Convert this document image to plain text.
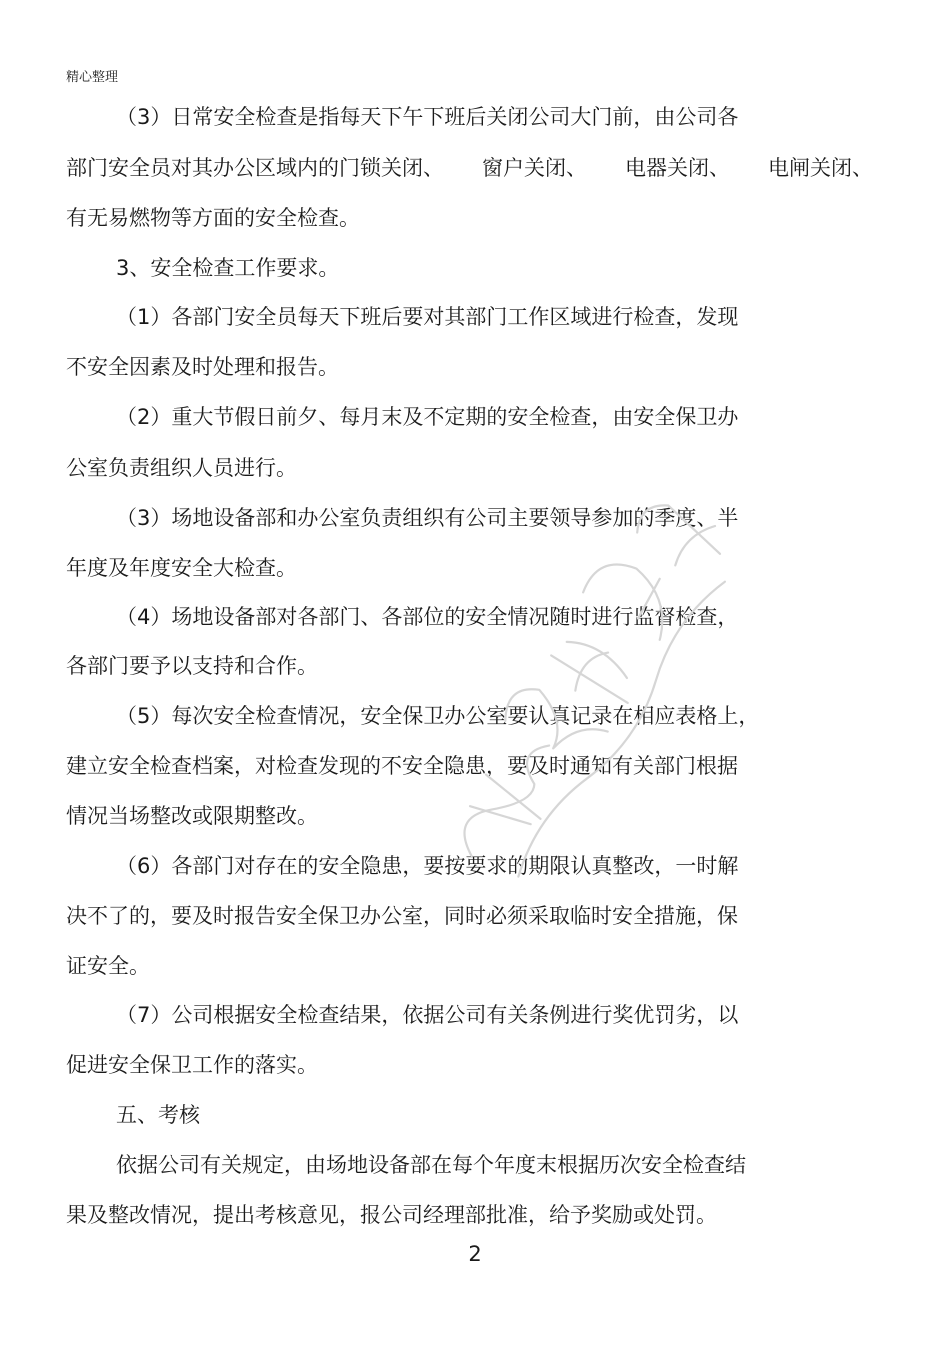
精心整理
（3）日常安全检查是指每天下午下班后关闭公司大门前，由公司各
部门安全员对其办公区域内的门锁关闭、 窗户关闭、 电器关闭、 电闸关闭、
有无易燃物等方面的安全检查。
3、安全检查工作要求。
（1）各部门安全员每天下班后要对其部门工作区域进行检查，发现
不安全因素及时处理和报告。
（2）重大节假日前夕、每月末及不定期的安全检查，由安全保卫办
公室负责组织人员进行。
（3）场地设备部和办公室负责组织有公司主要领导参加的季度、半
年度及年度安全大检查。
（4）场地设备部对各部门、各部位的安全情况随时进行监督检查，
各部门要予以支持和合作。
（5）每次安全检查情况，安全保卫办公室要认真记录在相应表格上，
建立安全检查档案，对检查发现的不安全隐患，要及时通知有关部门根据
情况当场整改或限期整改。
（6）各部门对存在的安全隐患，要按要求的期限认真整改，一时解
决不了的，要及时报告安全保卫办公室，同时必须采取临时安全措施，保
证安全。
（7）公司根据安全检查结果，依据公司有关条例进行奖优罚劣，以
促进安全保卫工作的落实。
五、考核
依据公司有关规定，由场地设备部在每个年度末根据历次安全检查结
果及整改情况，提出考核意见，报公司经理部批准，给予奖励或处罚。
2
